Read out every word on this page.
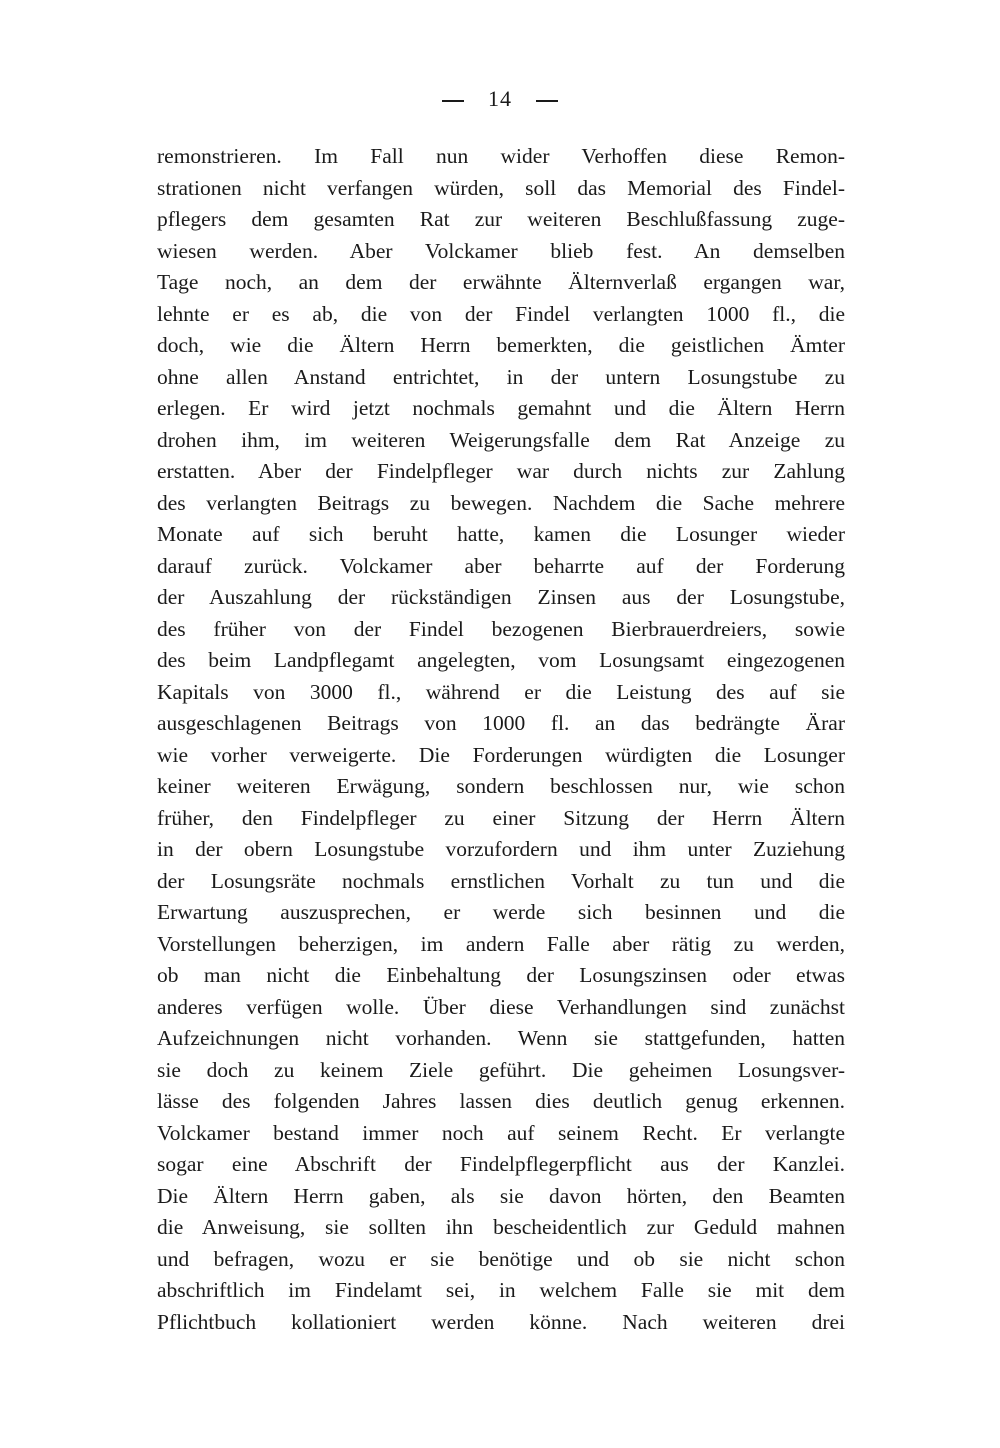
14
remonstrieren. Im Fall nun wider Verhoffen diese Remon-
strationen nicht verfangen würden, soll das Memorial des Findel-
pflegers dem gesamten Rat zur weiteren Beschlußfassung zuge-
wiesen werden. Aber Volckamer blieb fest. An demselben
Tage noch, an dem der erwähnte Älternverlaß ergangen war,
lehnte er es ab, die von der Findel verlangten 1000 fl., die
doch, wie die Ältern Herrn bemerkten, die geistlichen Ämter
ohne allen Anstand entrichtet, in der untern Losungstube zu
erlegen. Er wird jetzt nochmals gemahnt und die Ältern Herrn
drohen ihm, im weiteren Weigerungsfalle dem Rat Anzeige zu
erstatten. Aber der Findelpfleger war durch nichts zur Zahlung
des verlangten Beitrags zu bewegen. Nachdem die Sache mehrere
Monate auf sich beruht hatte, kamen die Losunger wieder
darauf zurück. Volckamer aber beharrte auf der Forderung
der Auszahlung der rückständigen Zinsen aus der Losungstube,
des früher von der Findel bezogenen Bierbrauerdreiers, sowie
des beim Landpflegamt angelegten, vom Losungsamt eingezogenen
Kapitals von 3000 fl., während er die Leistung des auf sie
ausgeschlagenen Beitrags von 1000 fl. an das bedrängte Ärar
wie vorher verweigerte. Die Forderungen würdigten die Losunger
keiner weiteren Erwägung, sondern beschlossen nur, wie schon
früher, den Findelpfleger zu einer Sitzung der Herrn Ältern
in der obern Losungstube vorzufordern und ihm unter Zuziehung
der Losungsräte nochmals ernstlichen Vorhalt zu tun und die
Erwartung auszusprechen, er werde sich besinnen und die
Vorstellungen beherzigen, im andern Falle aber rätig zu werden,
ob man nicht die Einbehaltung der Losungszinsen oder etwas
anderes verfügen wolle. Über diese Verhandlungen sind zunächst
Aufzeichnungen nicht vorhanden. Wenn sie stattgefunden, hatten
sie doch zu keinem Ziele geführt. Die geheimen Losungsver-
lässe des folgenden Jahres lassen dies deutlich genug erkennen.
Volckamer bestand immer noch auf seinem Recht. Er verlangte
sogar eine Abschrift der Findelpflegerpflicht aus der Kanzlei.
Die Ältern Herrn gaben, als sie davon hörten, den Beamten
die Anweisung, sie sollten ihn bescheidentlich zur Geduld mahnen
und befragen, wozu er sie benötige und ob sie nicht schon
abschriftlich im Findelamt sei, in welchem Falle sie mit dem
Pflichtbuch kollationiert werden könne. Nach weiteren drei
